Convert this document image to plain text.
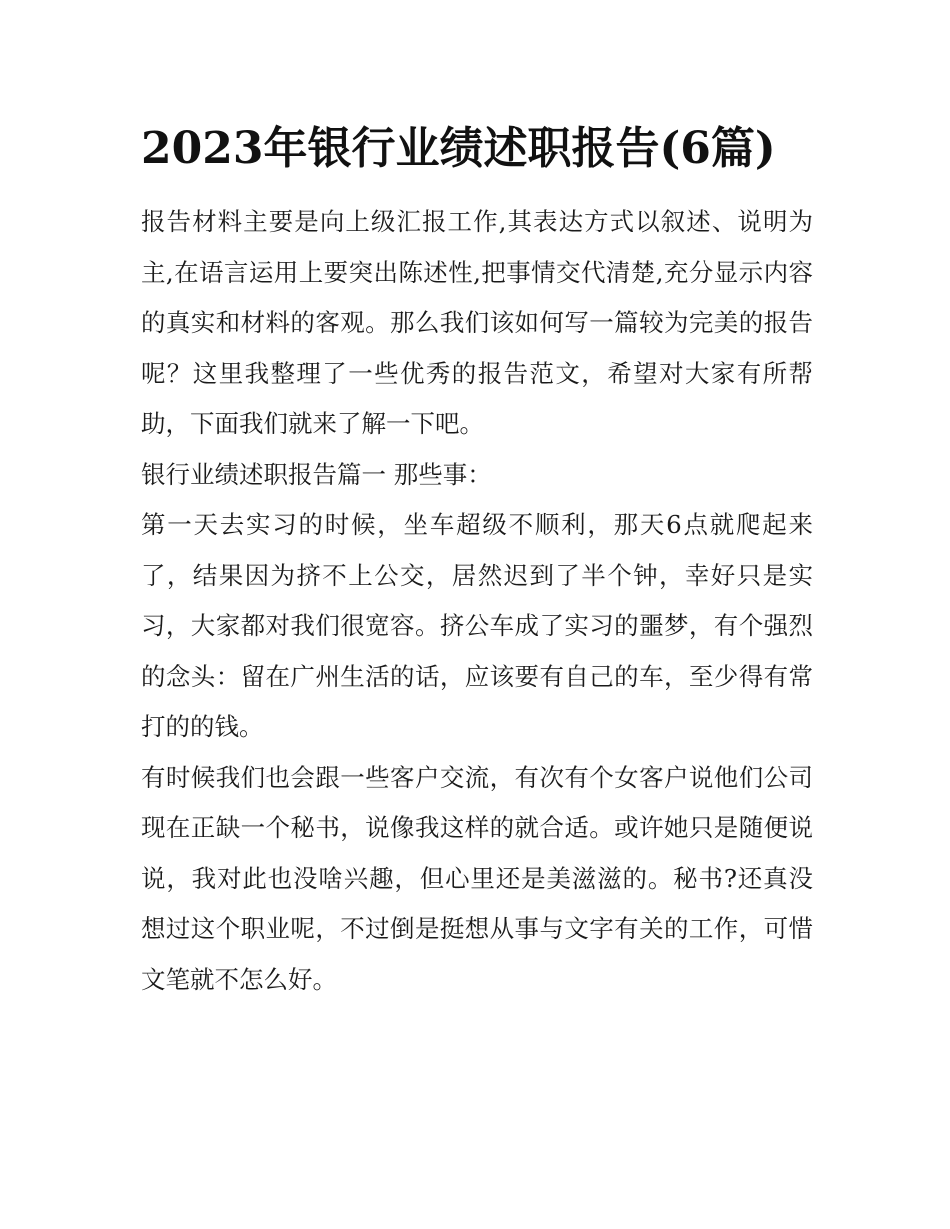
2023年银行业绩述职报告(6篇)

报告材料主要是向上级汇报工作,其表达方式以叙述、说明为主,在语言运用上要突出陈述性,把事情交代清楚,充分显示内容的真实和材料的客观。那么我们该如何写一篇较为完美的报告呢？这里我整理了一些优秀的报告范文，希望对大家有所帮助，下面我们就来了解一下吧。

银行业绩述职报告篇一 那些事：

第一天去实习的时候，坐车超级不顺利，那天6点就爬起来了，结果因为挤不上公交，居然迟到了半个钟，幸好只是实习，大家都对我们很宽容。挤公车成了实习的噩梦，有个强烈的念头：留在广州生活的话，应该要有自己的车，至少得有常打的的钱。

有时候我们也会跟一些客户交流，有次有个女客户说他们公司现在正缺一个秘书，说像我这样的就合适。或许她只是随便说说，我对此也没啥兴趣，但心里还是美滋滋的。秘书?还真没想过这个职业呢，不过倒是挺想从事与文字有关的工作，可惜文笔就不怎么好。
